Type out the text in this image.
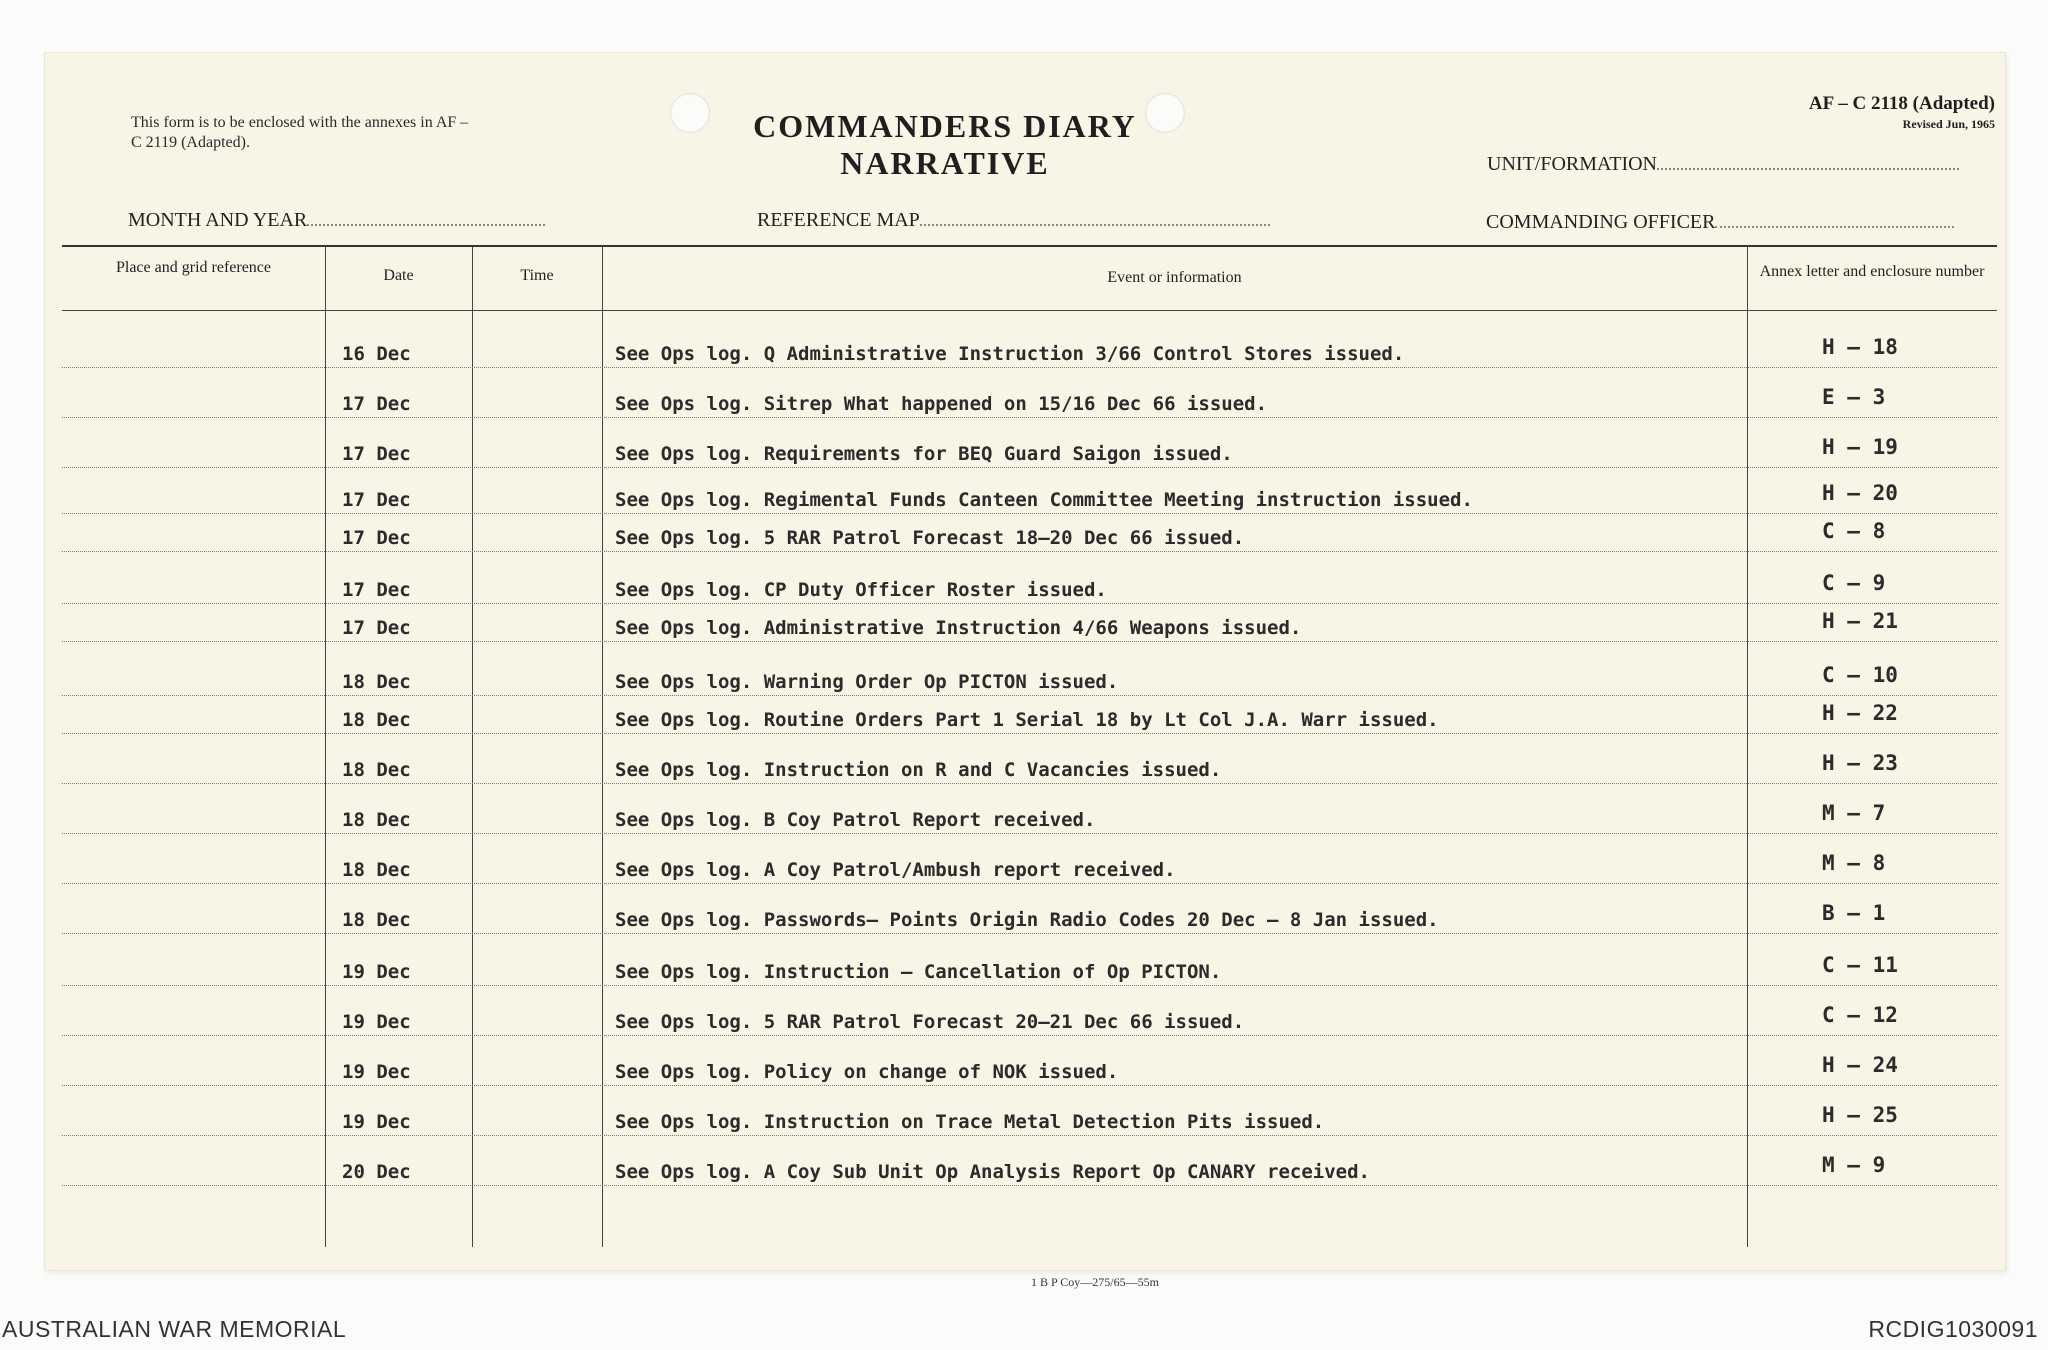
This form is to be enclosed with the annexes in AF – C 2119 (Adapted).	COMMANDERS DIARY NARRATIVE
AF – C 2118 (Adapted)
Revised Jun, 1965
UNIT/FORMATION
MONTH AND YEAR	REFERENCE MAP	COMMANDING OFFICER
Place and grid reference	Date	Time	Event or information	Annex letter and enclosure number
16 Dec	See Ops log. Q Administrative Instruction 3/66 Control Stores issued.	H – 18
17 Dec	See Ops log. Sitrep What happened on 15/16 Dec 66 issued.	E – 3
17 Dec	See Ops log. Requirements for BEQ Guard Saigon issued.	H – 19
17 Dec	See Ops log. Regimental Funds Canteen Committee Meeting instruction issued.	H – 20
17 Dec	See Ops log. 5 RAR Patrol Forecast 18–20 Dec 66 issued.	C – 8
17 Dec	See Ops log. CP Duty Officer Roster issued.	C – 9
17 Dec	See Ops log. Administrative Instruction 4/66 Weapons issued.	H – 21
18 Dec	See Ops log. Warning Order Op PICTON issued.	C – 10
18 Dec	See Ops log. Routine Orders Part 1 Serial 18 by Lt Col J.A. Warr issued.	H – 22
18 Dec	See Ops log. Instruction on R and C Vacancies issued.	H – 23
18 Dec	See Ops log. B Coy Patrol Report received.	M – 7
18 Dec	See Ops log. A Coy Patrol/Ambush report received.	M – 8
18 Dec	See Ops log. Passwords– Points Origin Radio Codes 20 Dec – 8 Jan issued.	B – 1
19 Dec	See Ops log. Instruction – Cancellation of Op PICTON.	C – 11
19 Dec	See Ops log. 5 RAR Patrol Forecast 20–21 Dec 66 issued.	C – 12
19 Dec	See Ops log. Policy on change of NOK issued.	H – 24
19 Dec	See Ops log. Instruction on Trace Metal Detection Pits issued.	H – 25
20 Dec	See Ops log. A Coy Sub Unit Op Analysis Report Op CANARY received.	M – 9
1 B P Coy—275/65—55m
AUSTRALIAN WAR MEMORIAL	RCDIG1030091
